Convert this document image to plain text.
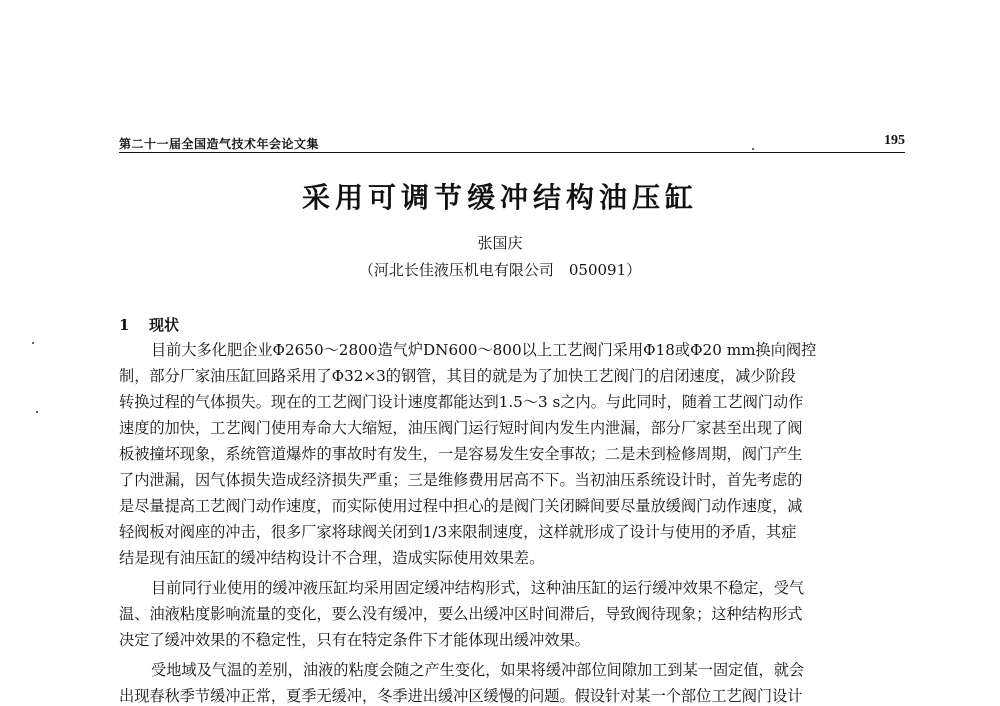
第二十一届全国造气技术年会论文集	195
采用可调节缓冲结构油压缸
张国庆
（河北长佳液压机电有限公司　050091）
1 现状
目前大多化肥企业Φ2650～2800造气炉DN600～800以上工艺阀门采用Φ18或Φ20 mm换向阀控
制，部分厂家油压缸回路采用了Φ32×3的钢管，其目的就是为了加快工艺阀门的启闭速度，减少阶段
转换过程的气体损失。现在的工艺阀门设计速度都能达到1.5～3 s之内。与此同时，随着工艺阀门动作
速度的加快，工艺阀门使用寿命大大缩短，油压阀门运行短时间内发生内泄漏，部分厂家甚至出现了阀
板被撞坏现象，系统管道爆炸的事故时有发生，一是容易发生安全事故；二是未到检修周期，阀门产生
了内泄漏，因气体损失造成经济损失严重；三是维修费用居高不下。当初油压系统设计时，首先考虑的
是尽量提高工艺阀门动作速度，而实际使用过程中担心的是阀门关闭瞬间要尽量放缓阀门动作速度，减
轻阀板对阀座的冲击，很多厂家将球阀关闭到1/3来限制速度，这样就形成了设计与使用的矛盾，其症
结是现有油压缸的缓冲结构设计不合理，造成实际使用效果差。
目前同行业使用的缓冲液压缸均采用固定缓冲结构形式，这种油压缸的运行缓冲效果不稳定，受气
温、油液粘度影响流量的变化，要么没有缓冲，要么出缓冲区时间滞后，导致阀待现象；这种结构形式
决定了缓冲效果的不稳定性，只有在特定条件下才能体现出缓冲效果。
受地域及气温的差别，油液的粘度会随之产生变化，如果将缓冲部位间隙加工到某一固定值，就会
出现春秋季节缓冲正常，夏季无缓冲，冬季进出缓冲区缓慢的问题。假设针对某一个部位工艺阀门设计
